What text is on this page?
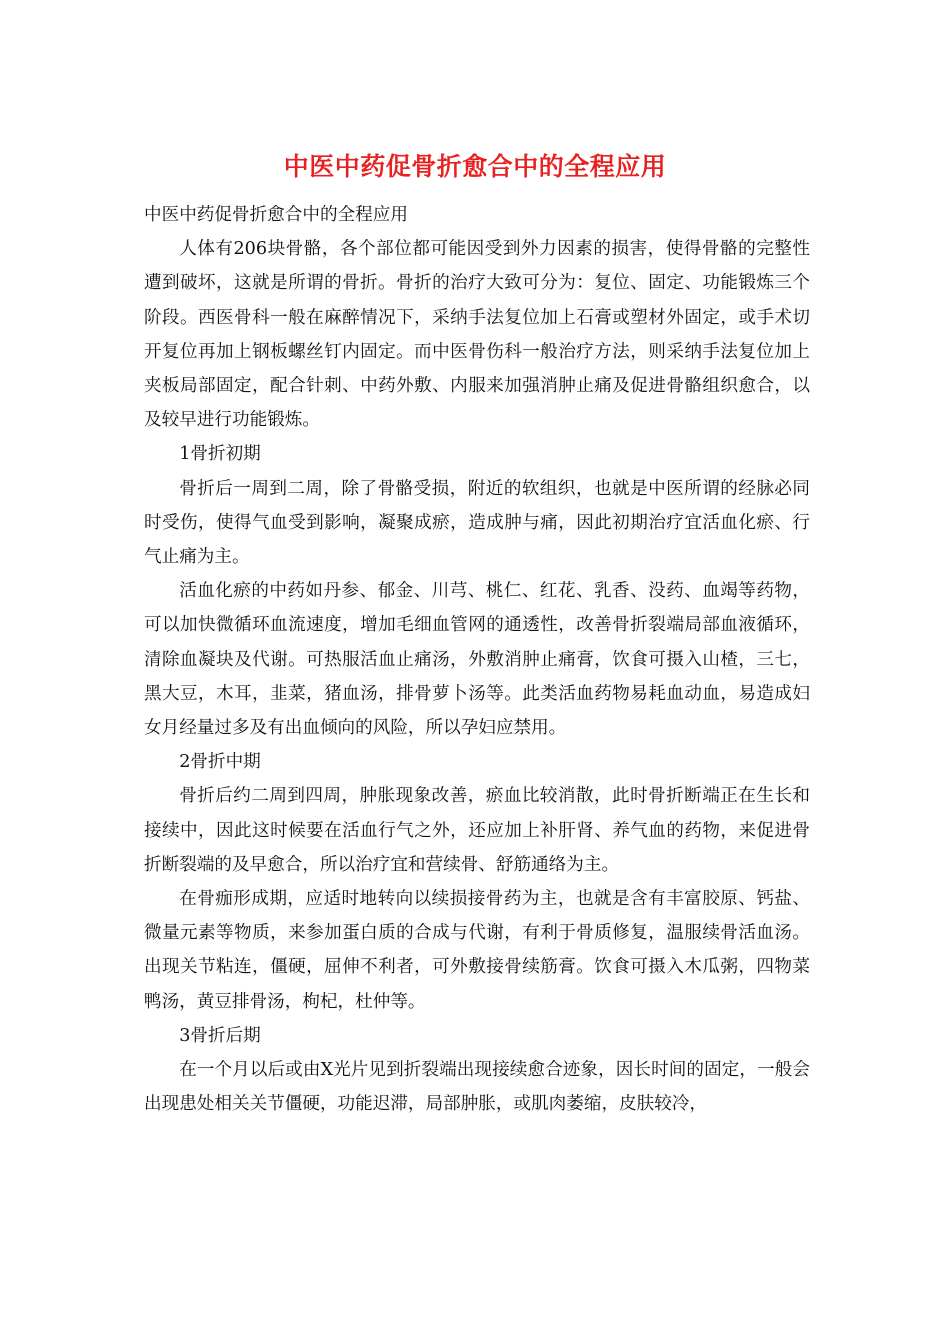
中医中药促骨折愈合中的全程应用

中医中药促骨折愈合中的全程应用

人体有206块骨骼，各个部位都可能因受到外力因素的损害，使得骨骼的完整性遭到破坏，这就是所谓的骨折。骨折的治疗大致可分为：复位、固定、功能锻炼三个阶段。西医骨科一般在麻醉情况下，采纳手法复位加上石膏或塑材外固定，或手术切开复位再加上钢板螺丝钉内固定。而中医骨伤科一般治疗方法，则采纳手法复位加上夹板局部固定，配合针刺、中药外敷、内服来加强消肿止痛及促进骨骼组织愈合，以及较早进行功能锻炼。

1骨折初期

骨折后一周到二周，除了骨骼受损，附近的软组织，也就是中医所谓的经脉必同时受伤，使得气血受到影响，凝聚成瘀，造成肿与痛，因此初期治疗宜活血化瘀、行气止痛为主。

活血化瘀的中药如丹参、郁金、川芎、桃仁、红花、乳香、没药、血竭等药物，可以加快微循环血流速度，增加毛细血管网的通透性，改善骨折裂端局部血液循环，清除血凝块及代谢。可热服活血止痛汤，外敷消肿止痛膏，饮食可摄入山楂，三七，黑大豆，木耳，韭菜，猪血汤，排骨萝卜汤等。此类活血药物易耗血动血，易造成妇女月经量过多及有出血倾向的风险，所以孕妇应禁用。

2骨折中期

骨折后约二周到四周，肿胀现象改善，瘀血比较消散，此时骨折断端正在生长和接续中，因此这时候要在活血行气之外，还应加上补肝肾、养气血的药物，来促进骨折断裂端的及早愈合，所以治疗宜和营续骨、舒筋通络为主。

在骨痂形成期，应适时地转向以续损接骨药为主，也就是含有丰富胶原、钙盐、微量元素等物质，来参加蛋白质的合成与代谢，有利于骨质修复，温服续骨活血汤。出现关节粘连，僵硬，屈伸不利者，可外敷接骨续筋膏。饮食可摄入木瓜粥，四物菜鸭汤，黄豆排骨汤，枸杞，杜仲等。

3骨折后期

在一个月以后或由X光片见到折裂端出现接续愈合迹象，因长时间的固定，一般会出现患处相关关节僵硬，功能迟滞，局部肿胀，或肌肉萎缩，皮肤较冷，
